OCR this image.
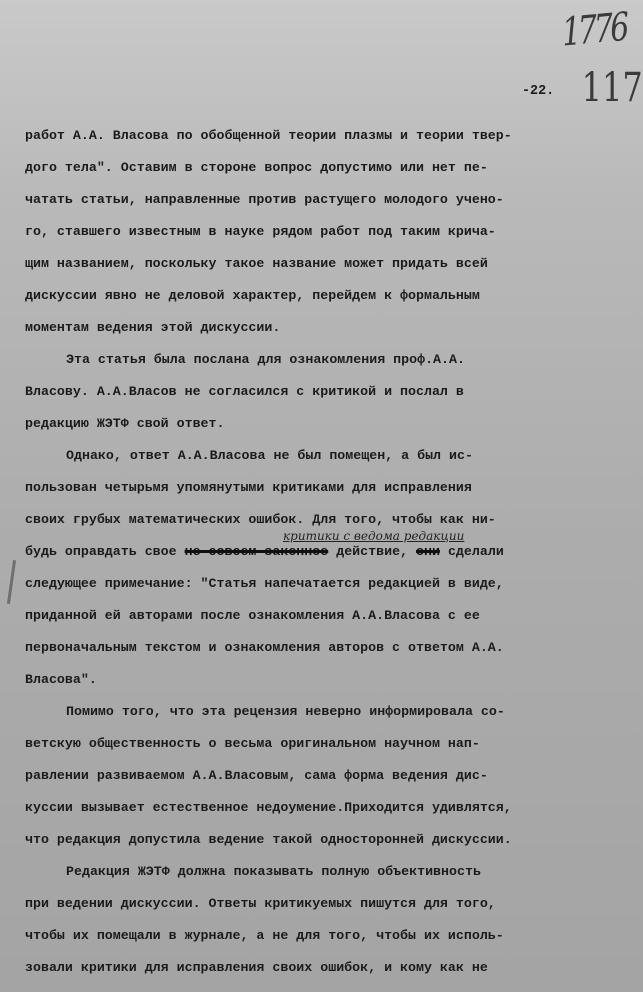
1776
117
-22.
критики с ведома редакции
работ А.А. Власова по обобщенной теории плазмы и теории твер-
дого тела". Оставим в стороне вопрос допустимо или нет пе-
чатать статьи, направленные против растущего молодого учено-
го, ставшего известным в науке рядом работ под таким крича-
щим названием, поскольку такое название может придать всей
дискуссии явно не деловой характер, перейдем к формальным
моментам ведения этой дискуссии.
Эта статья была послана для ознакомления проф.А.А.
Власову. А.А.Власов не согласился с критикой и послал в
редакцию ЖЭТФ свой ответ.
Однако, ответ А.А.Власова не был помещен, а был ис-
пользован четырьмя упомянутыми критиками для исправления
своих грубых математических ошибок. Для того, чтобы как ни-
будь оправдать свое не совсем законное действие, они сделали
следующее примечание: "Статья напечатается редакцией в виде,
приданной ей авторами после ознакомления А.А.Власова с ее
первоначальным текстом и ознакомления авторов с ответом А.А.
Власова".
Помимо того, что эта рецензия неверно информировала со-
ветскую общественность о весьма оригинальном научном нап-
равлении развиваемом А.А.Власовым, сама форма ведения дис-
куссии вызывает естественное недоумение.Приходится удивлятся,
что редакция допустила ведение такой односторонней дискуссии.
Редакция ЖЭТФ должна показывать полную объективность
при ведении дискуссии. Ответы критикуемых пишутся для того,
чтобы их помещали в журнале, а не для того, чтобы их исполь-
зовали критики для исправления своих ошибок, и кому как не
